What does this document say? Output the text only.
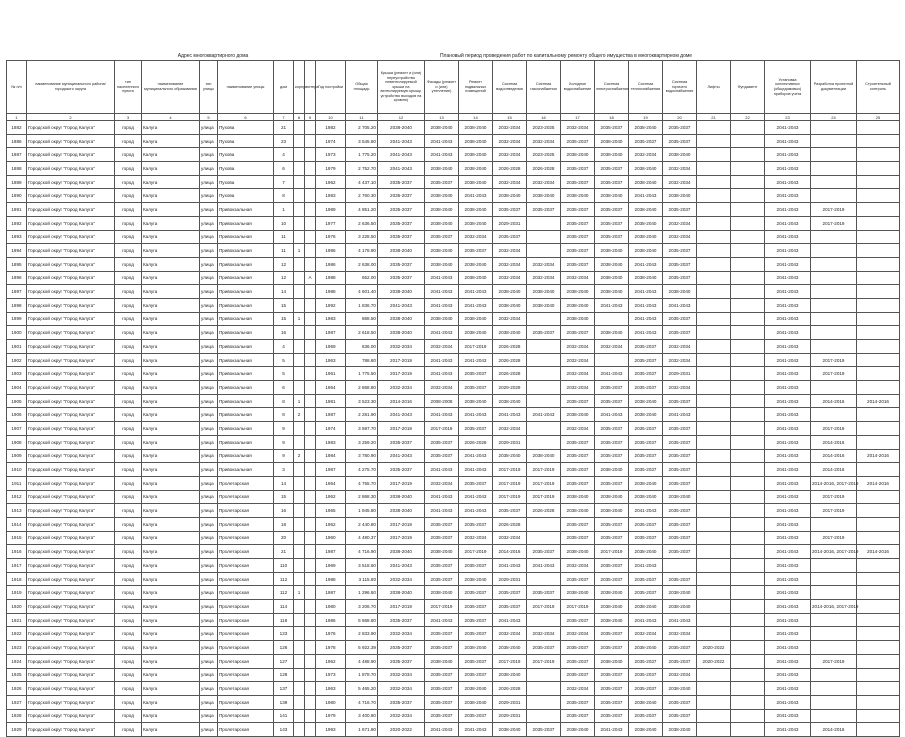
Адрес многоквартирного дома	Плановый период проведения работ по капитальному ремонту общего имущества в многоквартирном доме
№ п/п	наименование муниципального района/городского округа	тип населенного пункта	наименование муниципального образования	тип улицы	наименование улицы	дом	корпус	литера	Год постройки	Общая площадь	Крыша (ремонт и (или) переустройство невентилируемой крыши на вентилируемую крышу, устройство выходов на кровлю)	Фасады (ремонт и (или) утепление)	Ремонт подвальных помещений	Система водоотведения	Система газоснабжения	Холодное водоснабжение	Система электроснабжения	Система теплоснабжения	Система горячего водоснабжения	Лифты	Фундамент	Установка коллективных (общедомовых) приборов учета	Разработка проектной документации	Строительный контроль
1	2	3	4	5	6	7	8	9	10	11	12	13	14	15	16	17	18	19	20	21	22	23	24	25
1882	Городской округ "Город Калуга"	город	Калуга	улица	Пухова	21			1982	2 705.20	2038-2040	2038-2040	2038-2040	2032-2034	2023-2025	2032-2034	2035-2037	2038-2040	2035-2037			2041-2043		
1886	Городской округ "Город Калуга"	город	Калуга	улица	Пухова	23			1974	3 545.60	2041-2043	2041-2043	2038-2040	2032-2034	2032-2034	2035-2037	2038-2040	2035-2037	2035-2037			2041-2043		
1887	Городской округ "Город Калуга"	город	Калуга	улица	Пухова	4			1973	1 775.20	2041-2043	2041-2043	2038-2040	2032-2034	2023-2025	2038-2040	2038-2040	2032-2034	2038-2040			2041-2043		
1888	Городской округ "Город Калуга"	город	Калуга	улица	Пухова	6			1979	2 752.70	2041-2043	2038-2040	2038-2040	2026-2028	2026-2028	2035-2037	2035-2037	2038-2040	2032-2034			2041-2043		
1889	Городской округ "Город Калуга"	город	Калуга	улица	Пухова	7			1962	4 437.10	2035-2037	2035-2037	2038-2040	2032-2034	2032-2034	2035-2037	2035-2037	2038-2040	2032-2034			2041-2043		
1890	Городской округ "Город Калуга"	город	Калуга	улица	Пухова	8			1983	2 760.30	2035-2037	2038-2040	2041-2043	2038-2040	2038-2040	2038-2040	2038-2040	2041-2043	2038-2040			2041-2043		
1891	Городской округ "Город Калуга"	город	Калуга	улица	Привокзальная	1			1989	4 851.20	2035-2037	2038-2040	2038-2040	2035-2037	2035-2037	2035-2037	2035-2037	2038-2040	2035-2037			2041-2043	2017-2019	
1892	Городской округ "Город Калуга"	город	Калуга	улица	Привокзальная	10			1977	2 636.50	2035-2037	2038-2040	2038-2040	2029-2031		2035-2037	2035-2037	2038-2040	2032-2034			2041-2043	2017-2019	
1893	Городской округ "Город Калуга"	город	Калуга	улица	Привокзальная	11			1976	3 228.50	2035-2037	2035-2037	2032-2034	2035-2037		2035-2037	2035-2037	2038-2040	2032-2034			2041-2043		
1894	Городской округ "Город Калуга"	город	Калуга	улица	Привокзальная	11	1		1986	4 178.90	2038-2040	2038-2040	2035-2037	2032-2034		2035-2037	2038-2040	2038-2040	2035-2037			2041-2043		
1895	Городской округ "Город Калуга"	город	Калуга	улица	Привокзальная	12			1986	2 638.00	2035-2037	2038-2040	2038-2040	2032-2034	2032-2034	2035-2037	2038-2040	2041-2043	2035-2037			2041-2043		
1896	Городской округ "Город Калуга"	город	Калуга	улица	Привокзальная	12		А	1988	652.00	2035-2037	2041-2043	2038-2040	2032-2034	2032-2034	2032-2034	2038-2040	2038-2040	2035-2037			2041-2043		
1897	Городской округ "Город Калуга"	город	Калуга	улица	Привокзальная	14			1988	4 601.40	2038-2040	2041-2043	2041-2043	2038-2040	2038-2040	2038-2040	2038-2040	2041-2043	2038-2040			2041-2043		
1898	Городской округ "Город Калуга"	город	Калуга	улица	Привокзальная	15			1992	1 836.70	2041-2043	2041-2043	2041-2043	2038-2040	2038-2040	2038-2040	2041-2043	2041-2043	2041-2043			2041-2043		
1899	Городской округ "Город Калуга"	город	Калуга	улица	Привокзальная	15	1		1983	868.50	2038-2040	2038-2040	2038-2040	2032-2034		2038-2040		2041-2043	2035-2037			2041-2043		
1900	Городской округ "Город Калуга"	город	Калуга	улица	Привокзальная	16			1987	2 618.50	2038-2040	2041-2043	2038-2040	2038-2040	2035-2037	2035-2037	2038-2040	2041-2043	2035-2037			2041-2043		
1901	Городской округ "Город Калуга"	город	Калуга	улица	Привокзальная	4			1959	636.00	2032-2034	2032-2034	2017-2019	2026-2028		2032-2034	2032-2034	2035-2037	2032-2034			2041-2043		
1902	Городской округ "Город Калуга"	город	Калуга	улица	Привокзальная	5			1963	788.80	2017-2019	2041-2043	2041-2043	2026-2028		2032-2034		2035-2037	2032-2034			2041-2043	2017-2019	
1903	Городской округ "Город Калуга"	город	Калуга	улица	Привокзальная	5			1961	1 775.50	2017-2019	2041-2043	2035-2037	2026-2028		2032-2034	2041-2043	2035-2037	2029-2031			2041-2043	2017-2019	
1904	Городской округ "Город Калуга"	город	Калуга	улица	Привокзальная	6			1964	2 868.80	2032-2034	2032-2034	2035-2037	2029-2029		2032-2034	2035-2037	2035-2037	2032-2034			2041-2043		
1905	Городской округ "Город Калуга"	город	Калуга	улица	Привокзальная	8	1		1981	3 523.30	2014-2016	2008-2008	2038-2040	2038-2040		2035-2037	2035-2037	2038-2040	2035-2037			2041-2043	2014-2016	2014-2016
1906	Городской округ "Город Калуга"	город	Калуга	улица	Привокзальная	8	2		1987	2 281.90	2041-2043	2041-2043	2041-2043	2041-2043	2041-2043	2038-2040	2041-2043	2038-2040	2041-2043			2041-2043		
1907	Городской округ "Город Калуга"	город	Калуга	улица	Привокзальная	9			1974	3 597.70	2017-2019	2017-2019	2035-2037	2032-2034		2032-2034	2035-2037	2035-2037	2035-2037			2041-2043	2017-2019	
1908	Городской округ "Город Калуга"	город	Калуга	улица	Привокзальная	9			1983	3 259.20	2035-2037	2035-2037	2026-2028	2029-2031		2035-2037	2035-2037	2035-2037	2035-2037			2041-2043	2014-2016	
1909	Городской округ "Город Калуга"	город	Калуга	улица	Привокзальная	9	2		1984	3 780.90	2041-2043	2035-2037	2041-2043	2038-2040	2038-2040	2035-2037	2035-2037	2035-2037	2035-2037			2041-2043	2014-2016	2014-2016
1910	Городской округ "Город Калуга"	город	Калуга	улица	Привокзальная	3			1987	4 275.70	2035-2037	2041-2043	2041-2043	2017-2019	2017-2019	2035-2037	2038-2040	2035-2037	2035-2037			2041-2043	2014-2016	
1911	Городской округ "Город Калуга"	город	Калуга	улица	Пролетарская	14			1964	4 755.70	2017-2019	2032-2034	2035-2037	2017-2019	2017-2019	2035-2037	2035-2037	2038-2040	2035-2037			2041-2043	2014-2016, 2017-2019	2014-2016
1912	Городской округ "Город Калуга"	город	Калуга	улица	Пролетарская	15			1962	2 868.30	2038-2040	2041-2043	2041-2043	2017-2019	2017-2019	2038-2040	2038-2040	2038-2040	2038-2040			2041-2043	2017-2019	
1913	Городской округ "Город Калуга"	город	Калуга	улица	Пролетарская	16			1965	1 945.80	2038-2040	2041-2043	2041-2043	2035-2037	2026-2028	2038-2040	2038-2040	2041-2043	2035-2037			2041-2043	2017-2019	
1914	Городской округ "Город Калуга"	город	Калуга	улица	Пролетарская	18			1962	2 440.80	2017-2019	2035-2037	2035-2037	2026-2028		2035-2037	2035-2037	2035-2037	2035-2037			2041-2043		
1915	Городской округ "Город Калуга"	город	Калуга	улица	Пролетарская	20			1960	4 480.37	2017-2019	2035-2037	2032-2034	2032-2034		2035-2037	2035-2037	2035-2037	2035-2037			2041-2043	2017-2019	
1916	Городской округ "Город Калуга"	город	Калуга	улица	Пролетарская	21			1987	4 716.90	2038-2040	2038-2040	2017-2019	2014-2016	2035-2037	2038-2040	2017-2019	2038-2040	2035-2037			2041-2043	2014-2016, 2017-2019	2014-2016
1917	Городской округ "Город Калуга"	город	Калуга	улица	Пролетарская	110			1969	3 518.60	2041-2043	2035-2037	2035-2037	2041-2043	2041-2043	2032-2034	2035-2037	2041-2043				2041-2043		
1918	Городской округ "Город Калуга"	город	Калуга	улица	Пролетарская	112			1988	3 115.80	2032-2034	2035-2037	2038-2040	2029-2031		2035-2037	2035-2037	2035-2037	2035-2037			2041-2043		
1919	Городской округ "Город Калуга"	город	Калуга	улица	Пролетарская	112	1		1987	1 296.50	2038-2040	2038-2040	2035-2037	2035-2037	2035-2037	2038-2040	2038-2040	2035-2037	2038-2040			2041-2043		
1920	Городской округ "Город Калуга"	город	Калуга	улица	Пролетарская	114			1980	3 206.70	2017-2019	2017-2019	2035-2037	2035-2037	2017-2019	2017-2019	2038-2040	2038-2040	2038-2040			2041-2043	2014-2016, 2017-2019	
1921	Городской округ "Город Калуга"	город	Калуга	улица	Пролетарская	118			1986	5 868.80	2035-2037	2041-2043	2035-2037	2041-2043		2035-2037	2038-2040	2041-2043	2041-2043			2041-2043		
1922	Городской округ "Город Калуга"	город	Калуга	улица	Пролетарская	123			1976	2 833.90	2032-2034	2035-2037	2035-2037	2032-2034	2032-2034	2032-2034	2035-2037	2032-2034	2032-2034			2041-2043		
1923	Городской округ "Город Калуга"	город	Калуга	улица	Пролетарская	126			1978	5 922.39	2035-2037	2035-2037	2038-2040	2038-2040	2035-2037	2035-2037	2035-2037	2038-2040	2035-2037	2020-2022		2041-2043		
1924	Городской округ "Город Калуга"	город	Калуга	улица	Пролетарская	127			1962	4 488.90	2035-2037	2038-2040	2035-2037	2017-2019	2017-2019	2035-2037	2038-2040	2035-2037	2035-2037	2020-2022		2041-2043	2017-2019	
1925	Городской округ "Город Калуга"	город	Калуга	улица	Пролетарская	128			1973	1 878.70	2032-2034	2035-2037	2035-2037	2038-2040		2035-2037	2035-2037	2035-2037	2032-2034			2041-2043		
1926	Городской округ "Город Калуга"	город	Калуга	улица	Пролетарская	137			1963	5 465.20	2032-2034	2035-2037	2038-2040	2026-2028		2032-2034	2035-2037	2035-2037	2038-2040			2041-2043		
1927	Городской округ "Город Калуга"	город	Калуга	улица	Пролетарская	139			1980	4 716.70	2035-2037	2035-2037	2038-2040	2029-2031		2035-2037	2035-2037	2038-2040	2035-2037			2041-2043		
1928	Городской округ "Город Калуга"	город	Калуга	улица	Пролетарская	141			1979	3 400.80	2032-2034	2035-2037	2035-2037	2029-2031		2035-2037	2035-2037	2035-2037	2035-2037			2041-2043		
1929	Городской округ "Город Калуга"	город	Калуга	улица	Пролетарская	143			1993	1 671.80	2020-2022	2041-2043	2041-2043	2038-2040	2035-2037	2038-2040	2041-2043	2038-2040	2038-2040			2041-2043	2014-2016	
